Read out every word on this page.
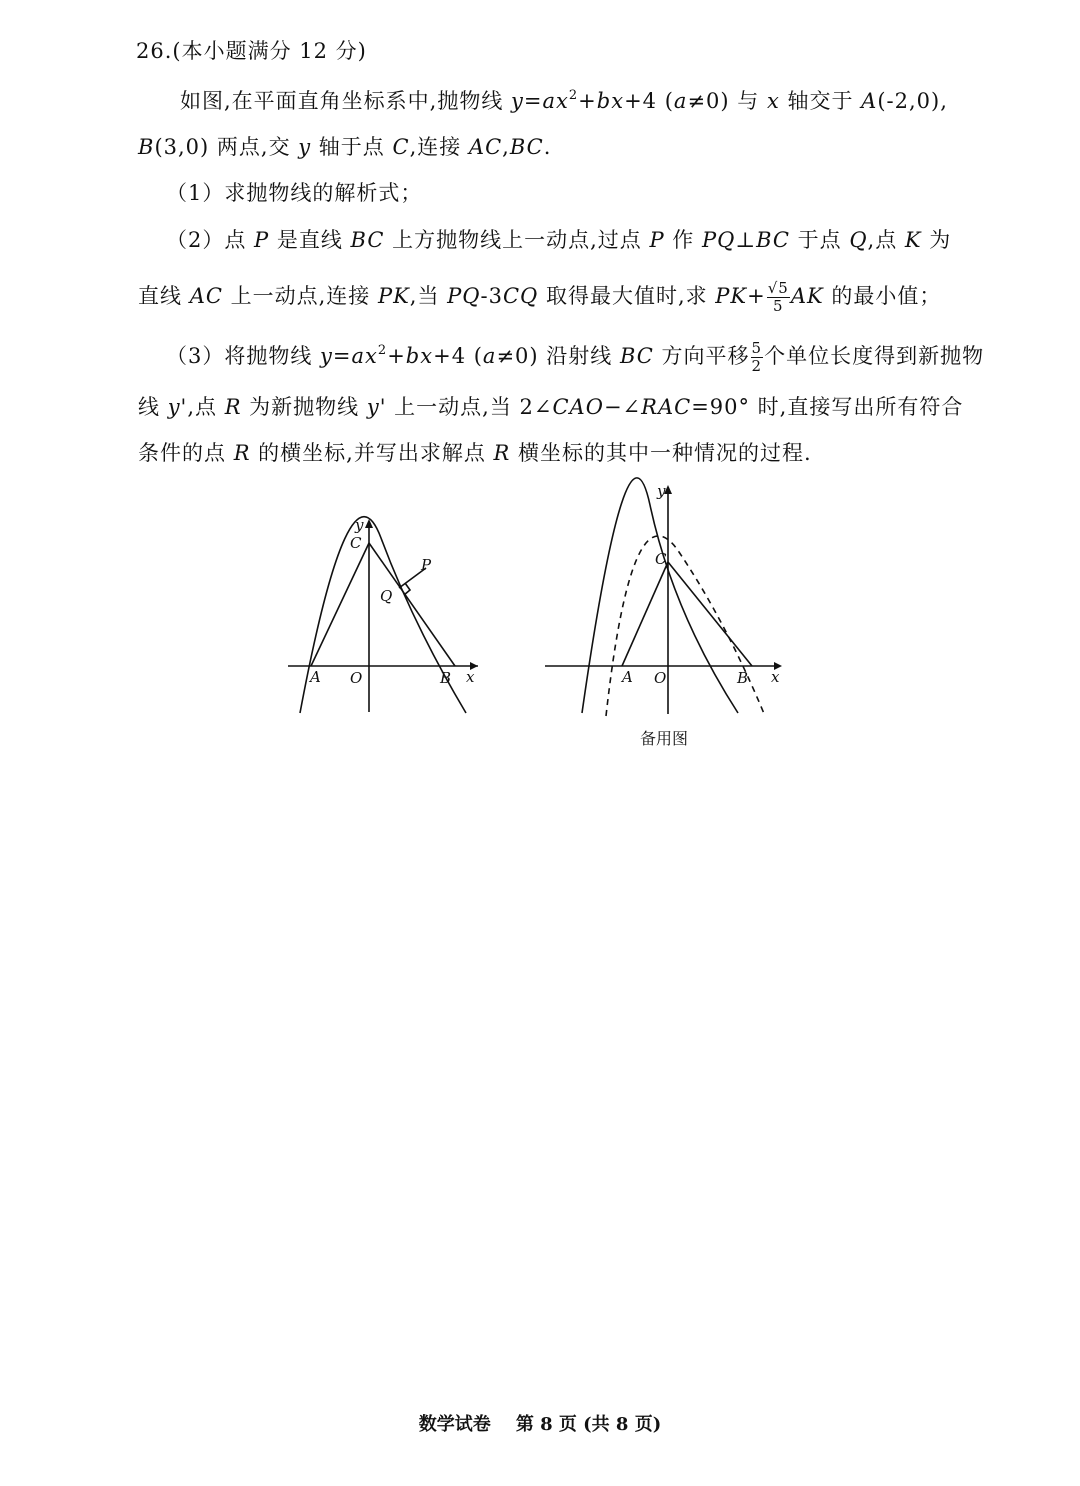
26.(本小题满分 12 分)
如图,在平面直角坐标系中,抛物线 $y=ax^2+bx+4$ (a≠0) 与 x 轴交于 A(-2,0),
B(3,0) 两点,交 y 轴于点 C,连接 AC,BC.
（1）求抛物线的解析式；
（2）点 P 是直线 BC 上方抛物线上一动点,过点 P 作 PQ⊥BC 于点 Q,点 K 为
直线 AC 上一动点,连接 PK,当 PQ-3CQ 取得最大值时,求 $PK+ \frac{√5}{5}$ AK 的最小值；
（3）将抛物线 $y=ax^2+bx+4$ (a≠0) 沿射线 BC 方向平移 $\frac{5}{2}$ 个单位长度得到新抛物
线 y',点 R 为新抛物线 y' 上一动点,当 2∠CAO−∠RAC=90° 时,直接写出所有符合
条件的点 R 的横坐标,并写出求解点 R 横坐标的其中一种情况的过程.
y
C
P
Q
A O	B x
y
C
A O	B x
备用图
数学试卷    第 8 页 (共 8 页)
